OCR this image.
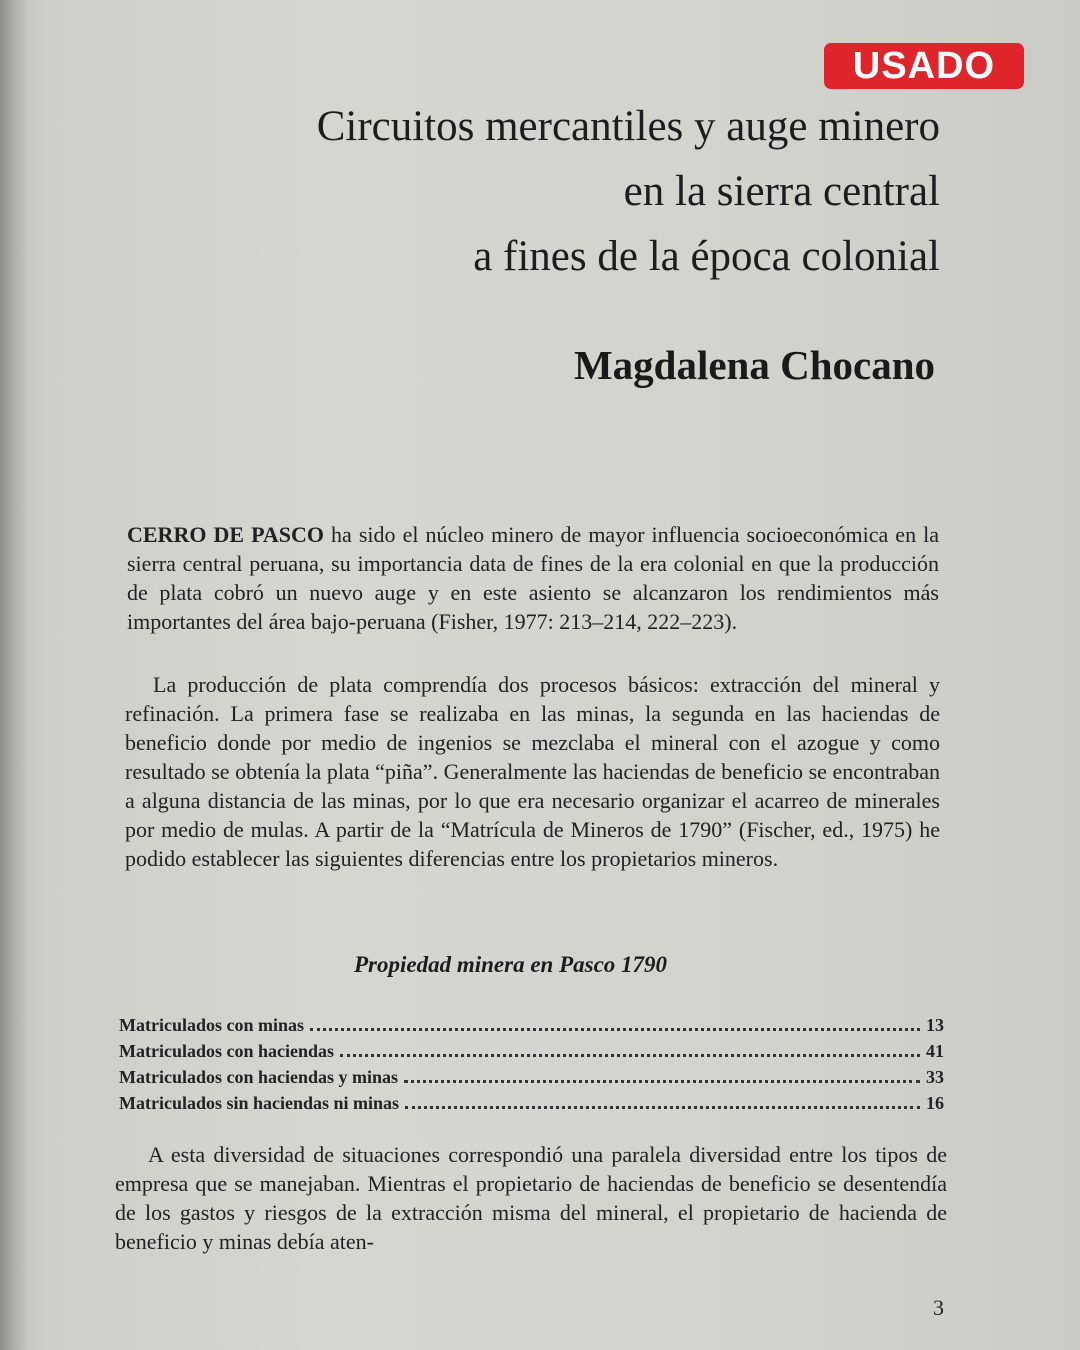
USADO
Circuitos mercantiles y auge minero
en la sierra central
a fines de la época colonial
Magdalena Chocano
CERRO DE PASCO ha sido el núcleo minero de mayor influencia socioeconómica en la sierra central peruana, su importancia data de fines de la era colonial en que la producción de plata cobró un nuevo auge y en este asiento se alcanzaron los rendimientos más importantes del área bajo-peruana (Fisher, 1977: 213–214, 222–223).
La producción de plata comprendía dos procesos básicos: extracción del mineral y refinación. La primera fase se realizaba en las minas, la segunda en las haciendas de beneficio donde por medio de ingenios se mezclaba el mineral con el azogue y como resultado se obtenía la plata “piña”. Generalmente las haciendas de beneficio se encontraban a alguna distancia de las minas, por lo que era necesario organizar el acarreo de minerales por medio de mulas. A partir de la “Matrícula de Mineros de 1790” (Fischer, ed., 1975) he podido establecer las siguientes diferencias entre los propietarios mineros.
Propiedad minera en Pasco 1790
Matriculados con minas	13
Matriculados con haciendas	41
Matriculados con haciendas y minas	33
Matriculados sin haciendas ni minas	16
A esta diversidad de situaciones correspondió una paralela diversidad entre los tipos de empresa que se manejaban. Mientras el propietario de haciendas de beneficio se desentendía de los gastos y riesgos de la extracción misma del mineral, el propietario de hacienda de beneficio y minas debía aten-
3
